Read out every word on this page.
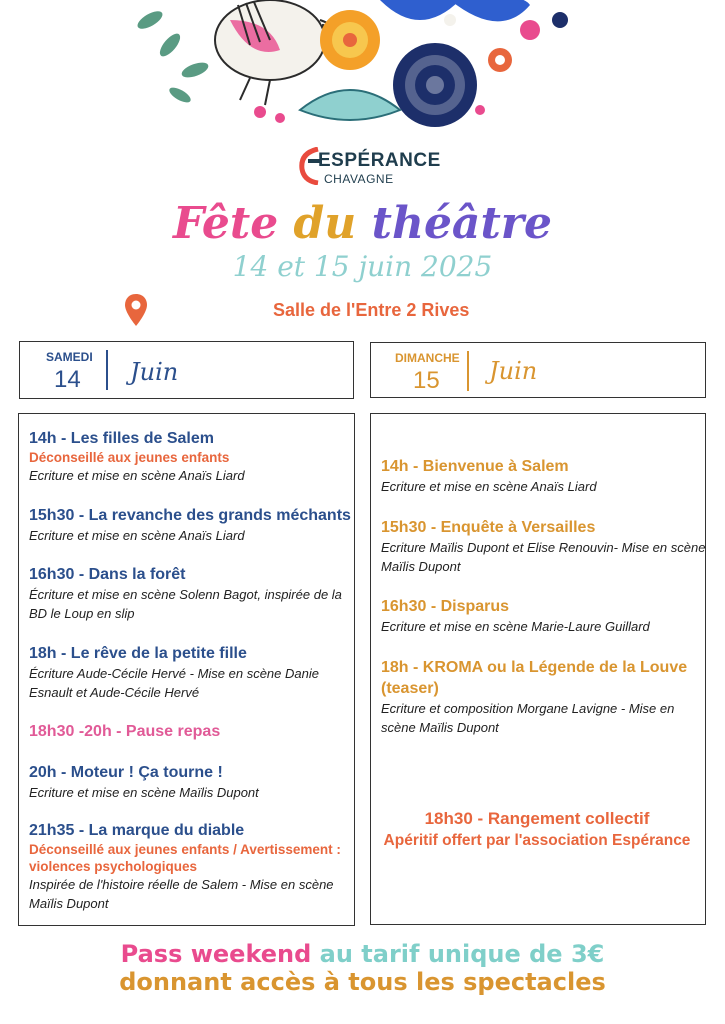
ESPÉRANCE
CHAVAGNE
Fête du théâtre
14 et 15 juin 2025
Salle de l'Entre 2 Rives
SAMEDI
14 Juin	DIMANCHE
15 Juin
14h - Les filles de Salem
Déconseillé aux jeunes enfants
Ecriture et mise en scène Anaïs Liard
15h30 - La revanche des grands méchants
Ecriture et mise en scène Anaïs Liard
16h30 - Dans la forêt
Écriture et mise en scène Solenn Bagot, inspirée de la BD le Loup en slip
18h - Le rêve de la petite fille
Écriture Aude-Cécile Hervé - Mise en scène Danie Esnault et Aude-Cécile Hervé
18h30 -20h - Pause repas
20h - Moteur ! Ça tourne !
Ecriture et mise en scène Maïlis Dupont
21h35 - La marque du diable
Déconseillé aux jeunes enfants / Avertissement : violences psychologiques
Inspirée de l'histoire réelle de Salem - Mise en scène Maïlis Dupont
14h - Bienvenue à Salem
Ecriture et mise en scène Anaïs Liard
15h30 - Enquête à Versailles
Ecriture Maïlis Dupont et Elise Renouvin- Mise en scène Maïlis Dupont
16h30 - Disparus
Ecriture et mise en scène Marie-Laure Guillard
18h - KROMA ou la Légende de la Louve (teaser)
Ecriture et composition Morgane Lavigne - Mise en scène Maïlis Dupont
18h30 - Rangement collectif
Apéritif offert par l'association Espérance
Pass weekend au tarif unique de 3€
donnant accès à tous les spectacles
